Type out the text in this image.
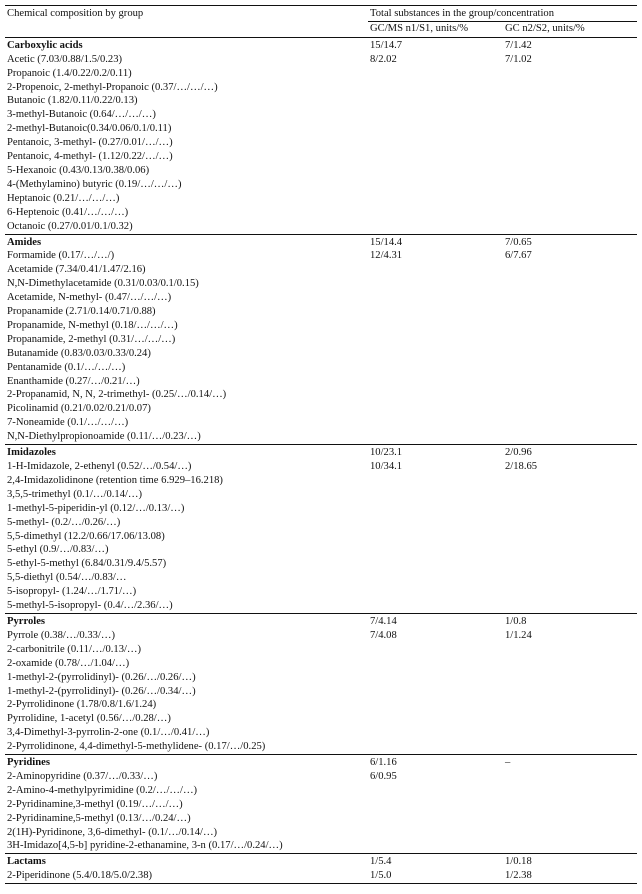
Chemical composition by group	Total substances in the group/concentration	
	GC/MS n1/S1, units/%	GC n2/S2, units/%
Carboxylic acids	15/14.7	7/1.42
Acetic (7.03/0.88/1.5/0.23)	8/2.02	7/1.02
Propanoic (1.4/0.22/0.2/0.11)		
2-Propenoic, 2-methyl-Propanoic (0.37/…/…/…)		
Butanoic (1.82/0.11/0.22/0.13)		
3-methyl-Butanoic (0.64/…/…/…)		
2-methyl-Butanoic(0.34/0.06/0.1/0.11)		
Pentanoic, 3-methyl- (0.27/0.01/…/…)		
Pentanoic, 4-methyl- (1.12/0.22/…/…)		
5-Hexanoic (0.43/0.13/0.38/0.06)		
4-(Methylamino) butyric (0.19/…/…/…)		
Heptanoic (0.21/…/…/…)		
6-Heptenoic (0.41/…/…/…)		
Octanoic (0.27/0.01/0.1/0.32)		
Amides	15/14.4	7/0.65
Formamide (0.17/…/…/)	12/4.31	6/7.67
Acetamide (7.34/0.41/1.47/2.16)		
N,N-Dimethylacetamide (0.31/0.03/0.1/0.15)		
Acetamide, N-methyl- (0.47/…/…/…)		
Propanamide (2.71/0.14/0.71/0.88)		
Propanamide, N-methyl (0.18/…/…/…)		
Propanamide, 2-methyl (0.31/…/…/…)		
Butanamide (0.83/0.03/0.33/0.24)		
Pentanamide (0.1/…/…/…)		
Enanthamide (0.27/…/0.21/…)		
2-Propanamid, N, N, 2-trimethyl- (0.25/…/0.14/…)		
Picolinamid (0.21/0.02/0.21/0.07)		
7-Noneamide (0.1/…/…/…)		
N,N-Diethylpropionoamide (0.11/…/0.23/…)		
Imidazoles	10/23.1	2/0.96
1-H-Imidazole, 2-ethenyl (0.52/…/0.54/…)	10/34.1	2/18.65
2,4-Imidazolidinone (retention time 6.929–16.218)		
3,5,5-trimethyl (0.1/…/0.14/…)		
1-methyl-5-piperidin-yl (0.12/…/0.13/…)		
5-methyl- (0.2/…/0.26/…)		
5,5-dimethyl (12.2/0.66/17.06/13.08)		
5-ethyl (0.9/…/0.83/…)		
5-ethyl-5-methyl (6.84/0.31/9.4/5.57)		
5,5-diethyl (0.54/…/0.83/…		
5-isopropyl- (1.24/…/1.71/…)		
5-methyl-5-isopropyl- (0.4/…/2.36/…)		
Pyrroles	7/4.14	1/0.8
Pyrrole (0.38/…/0.33/…)	7/4.08	1/1.24
2-carbonitrile (0.11/…/0.13/…)		
2-oxamide (0.78/…/1.04/…)		
1-methyl-2-(pyrrolidinyl)- (0.26/…/0.26/…)		
1-methyl-2-(pyrrolidinyl)- (0.26/…/0.34/…)		
2-Pyrrolidinone (1.78/0.8/1.6/1.24)		
Pyrrolidine, 1-acetyl (0.56/…/0.28/…)		
3,4-Dimethyl-3-pyrrolin-2-one (0.1/…/0.41/…)		
2-Pyrrolidinone, 4,4-dimethyl-5-methylidene- (0.17/…/0.25)		
Pyridines	6/1.16	–
2-Aminopyridine (0.37/…/0.33/…)	6/0.95	
2-Amino-4-methylpyrimidine (0.2/…/…/…)		
2-Pyridinamine,3-methyl (0.19/…/…/…)		
2-Pyridinamine,5-methyl (0.13/…/0.24/…)		
2(1H)-Pyridinone, 3,6-dimethyl- (0.1/…/0.14/…)		
3H-Imidazo[4,5-b] pyridine-2-ethanamine, 3-n (0.17/…/0.24/…)		
Lactams	1/5.4	1/0.18
2-Piperidinone (5.4/0.18/5.0/2.38)	1/5.0	1/2.38
